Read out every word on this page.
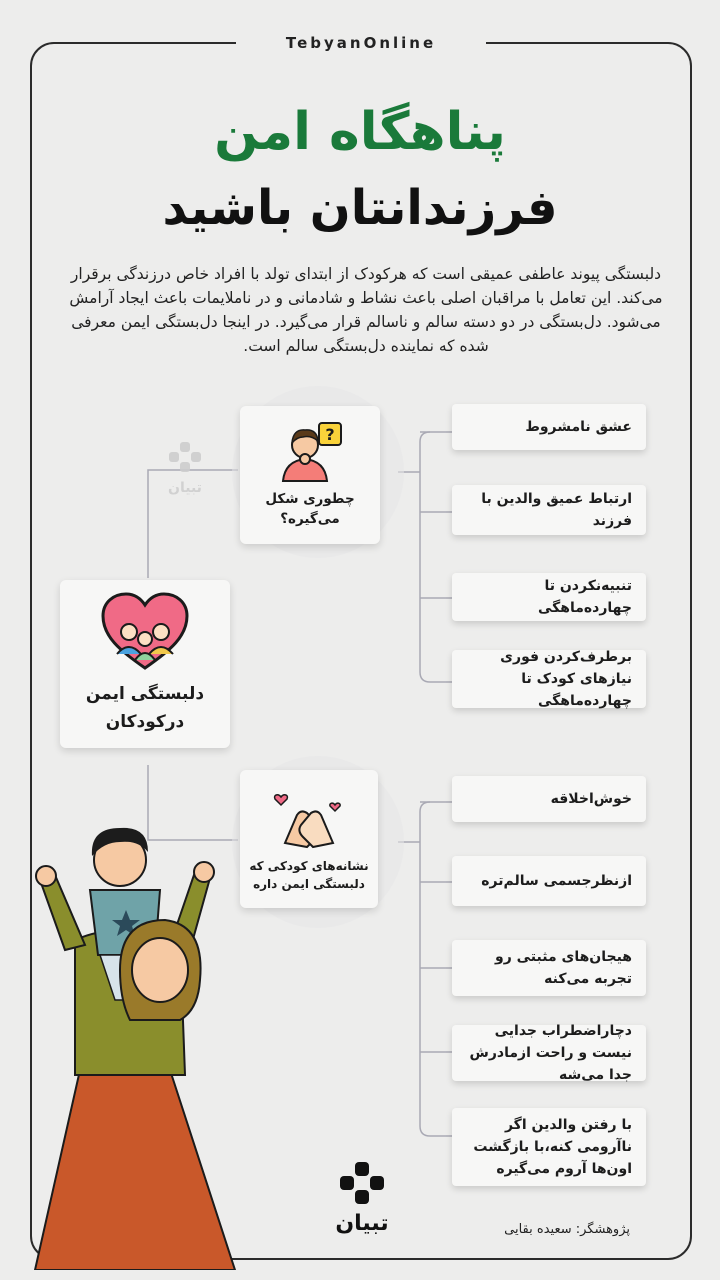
TebyanOnline
پناهگاه امن
فرزندانتان باشید

دلبستگی پیوند عاطفی عمیقی است که هرکودک از ابتدای تولد با افراد خاص درزندگی برقرار می‌کند. این تعامل با مراقبان اصلی باعث نشاط و شادمانی و در ناملایمات باعث ایجاد آرامش می‌شود. دل‌بستگی در دو دسته سالم و ناسالم قرار می‌گیرد. در اینجا دل‌بستگی ایمن معرفی شده که نماینده دل‌بستگی سالم است.

تبیان
دلبستگی ایمن درکودکان
?
چطوری شکل می‌گیره؟
نشانه‌های کودکی که دلبستگی ایمن داره
عشق نامشروط
ارتباط عمیق والدین با فرزند
تنبیه‌نکردن تا چهارده‌ماهگی
برطرف‌کردن فوری نیازهای کودک تا چهارده‌ماهگی
خوش‌اخلاقه
ازنظرجسمی سالم‌تره
هیجان‌های مثبتی رو تجربه می‌کنه
دچاراضطراب جدایی نیست و راحت ازمادرش جدا می‌شه
با رفتن والدین اگر ناآرومی کنه،با بازگشت اون‌ها آروم می‌گیره
تبیان	پژوهشگر: سعیده بقایی
